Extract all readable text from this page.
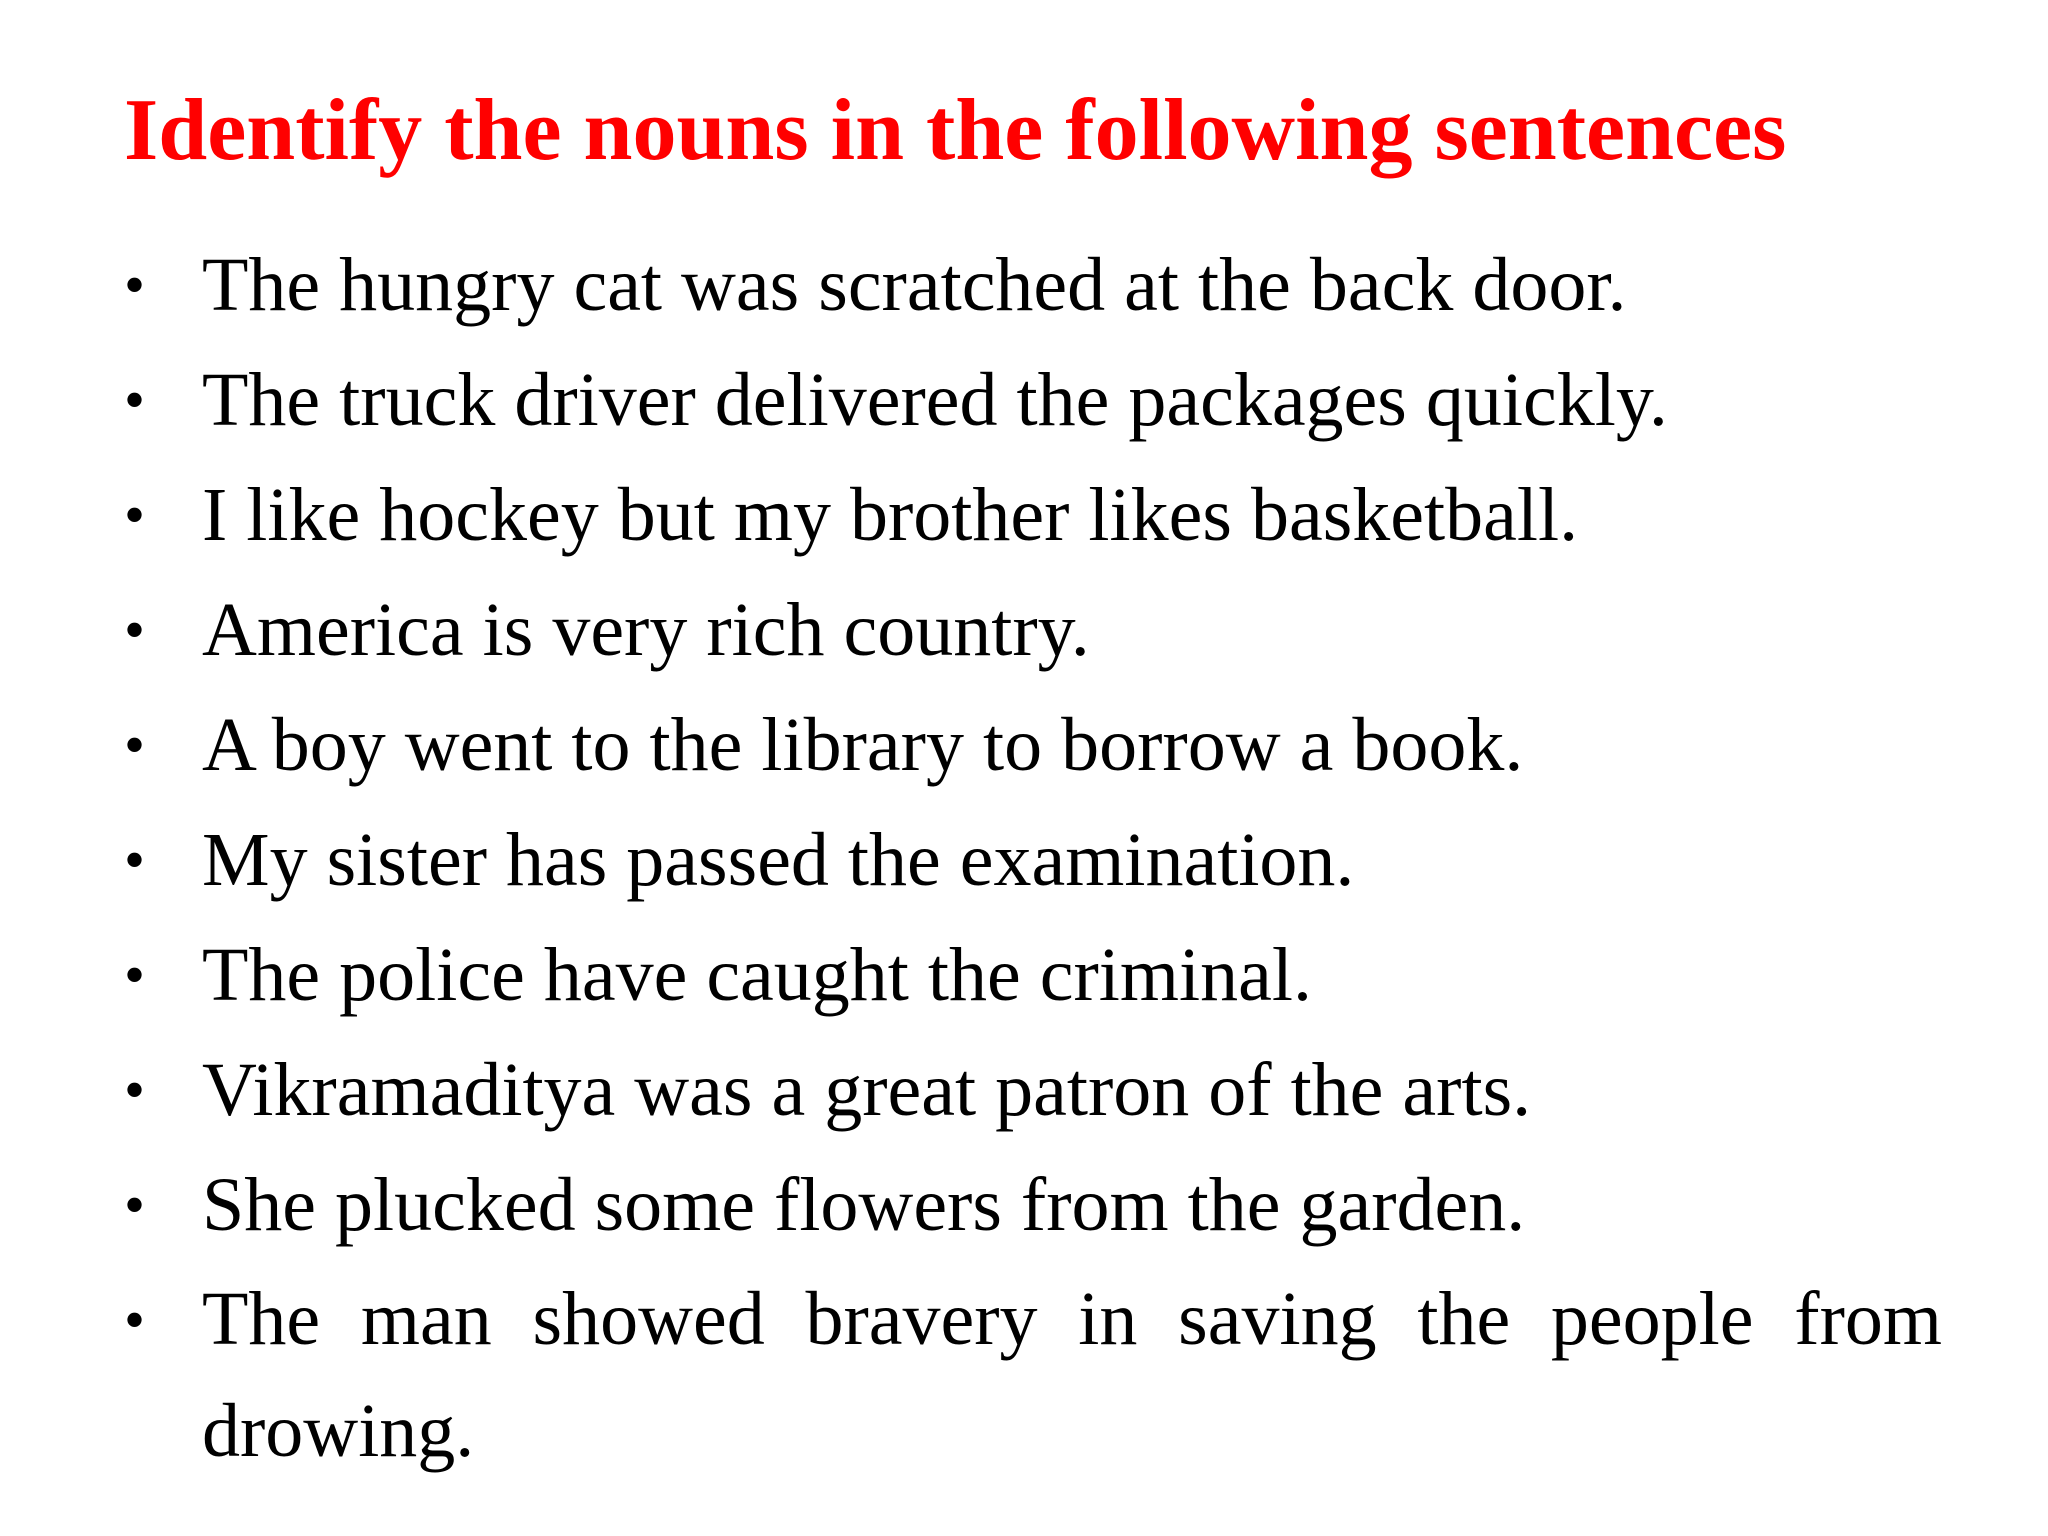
Identify the nouns in the following sentences
• The hungry cat was scratched at the back door.
• The truck driver delivered the packages quickly.
• I like hockey but my brother likes basketball.
• America is very rich country.
• A boy went to the library to borrow a book.
• My sister has passed the examination.
• The police have caught the criminal.
• Vikramaditya was a great patron of the arts.
• She plucked some flowers from the garden.
• The man showed bravery in saving the people from drowing.
